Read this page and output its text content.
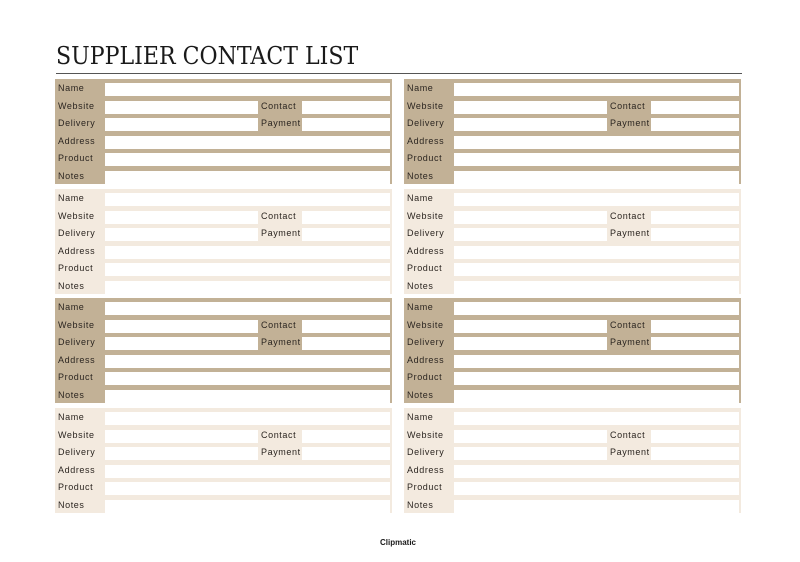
SUPPLIER CONTACT LIST
Name
Website	Contact
Delivery	Payment
Address
Product
Notes
Name
Website	Contact
Delivery	Payment
Address
Product
Notes
Name
Website	Contact
Delivery	Payment
Address
Product
Notes
Name
Website	Contact
Delivery	Payment
Address
Product
Notes
Name
Website	Contact
Delivery	Payment
Address
Product
Notes
Name
Website	Contact
Delivery	Payment
Address
Product
Notes
Name
Website	Contact
Delivery	Payment
Address
Product
Notes
Name
Website	Contact
Delivery	Payment
Address
Product
Notes
Clipmatic
